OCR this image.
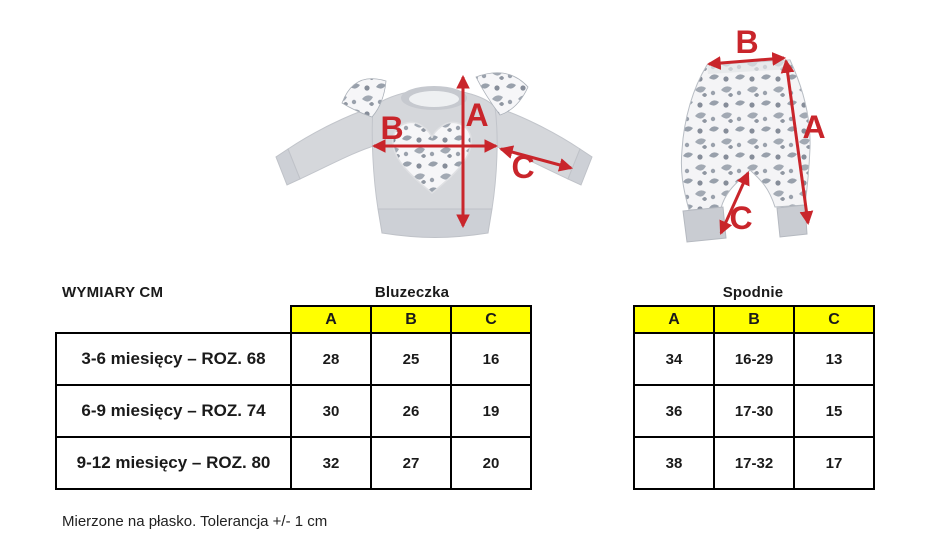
A
B
C
B
A
C
WYMIARY CM	Bluzeczka	Spodnie
	A	B	C
3-6 miesięcy – ROZ. 68	28	25	16
6-9 miesięcy – ROZ. 74	30	26	19
9-12 miesięcy – ROZ. 80	32	27	20
A	B	C
34	16-29	13
36	17-30	15
38	17-32	17
Mierzone na płasko. Tolerancja +/- 1 cm
